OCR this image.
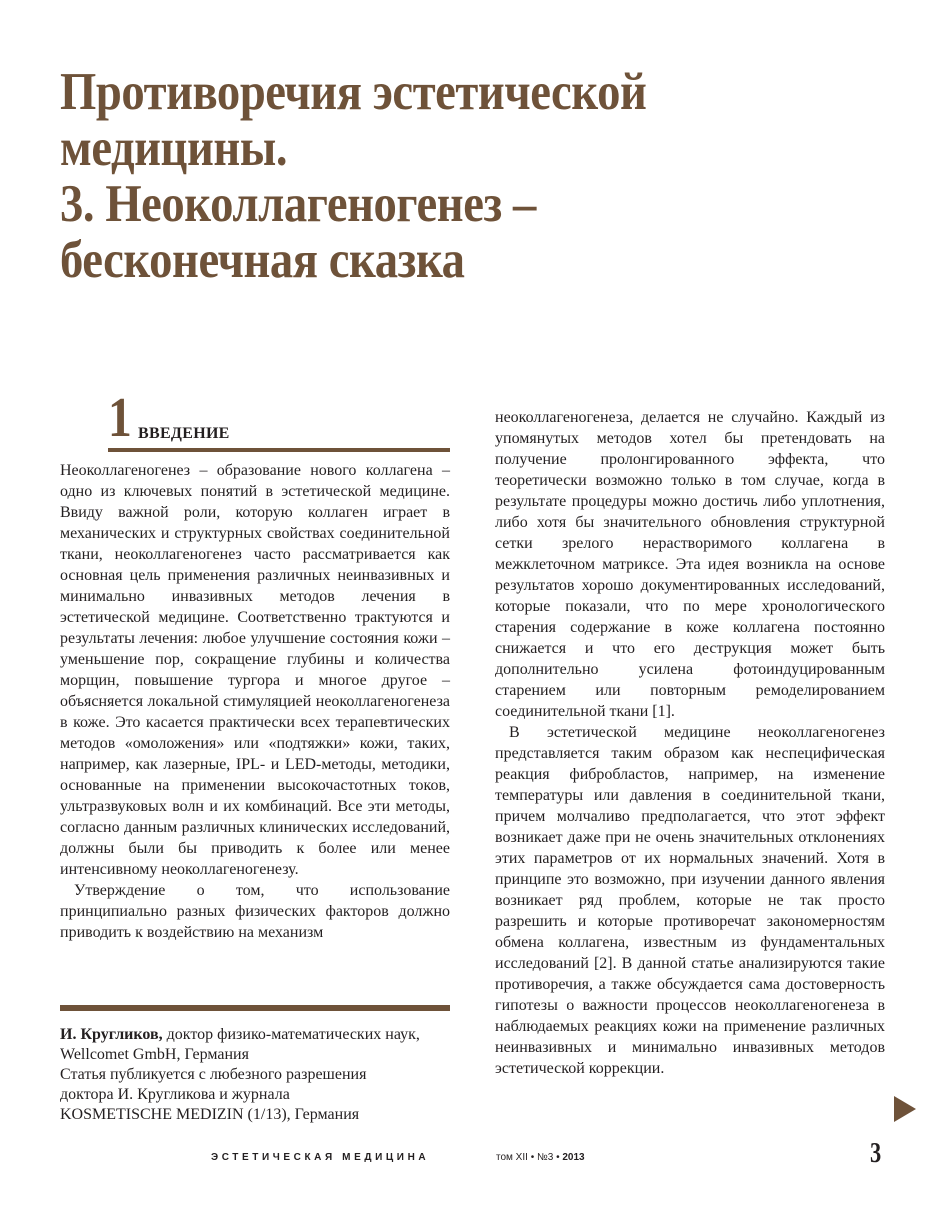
Противоречия эстетической
медицины.
3. Неоколлагеногенез –
бесконечная сказка
1 ВВЕДЕНИЕ

Неоколлагеногенез – образование нового коллагена – одно из ключевых понятий в эстетической медицине. Ввиду важной роли, которую коллаген играет в механических и структурных свойствах соединительной ткани, неоколлагеногенез часто рассматривается как основная цель применения различных неинвазивных и минимально инвазивных методов лечения в эстетической медицине. Соответственно трактуются и результаты лечения: любое улучшение состояния кожи – уменьшение пор, сокращение глубины и количества морщин, повышение тургора и многое другое – объясняется локальной стимуляцией неоколлагеногенеза в коже. Это касается практически всех терапевтических методов «омоложения» или «подтяжки» кожи, таких, например, как лазерные, IPL- и LED-методы, методики, основанные на применении высокочастотных токов, ультразвуковых волн и их комбинаций. Все эти методы, согласно данным различных клинических исследований, должны были бы приводить к более или менее интенсивному неоколлагеногенезу.

Утверждение о том, что использование принципиально разных физических факторов должно приводить к воздействию на механизм

И. Кругликов, доктор физико-математических наук, Wellcomet GmbH, Германия
Статья публикуется с любезного разрешения
доктора И. Кругликова и журнала
KOSMETISCHE MEDIZIN (1/13), Германия

неоколлагеногенеза, делается не случайно. Каждый из упомянутых методов хотел бы претендовать на получение пролонгированного эффекта, что теоретически возможно только в том случае, когда в результате процедуры можно достичь либо уплотнения, либо хотя бы значительного обновления структурной сетки зрелого нерастворимого коллагена в межклеточном матриксе. Эта идея возникла на основе результатов хорошо документированных исследований, которые показали, что по мере хронологического старения содержание в коже коллагена постоянно снижается и что его деструкция может быть дополнительно усилена фотоиндуцированным старением или повторным ремоделированием соединительной ткани [1].

В эстетической медицине неоколлагеногенез представляется таким образом как неспецифическая реакция фибробластов, например, на изменение температуры или давления в соединительной ткани, причем молчаливо предполагается, что этот эффект возникает даже при не очень значительных отклонениях этих параметров от их нормальных значений. Хотя в принципе это возможно, при изучении данного явления возникает ряд проблем, которые не так просто разрешить и которые противоречат закономерностям обмена коллагена, известным из фундаментальных исследований [2]. В данной статье анализируются такие противоречия, а также обсуждается сама достоверность гипотезы о важности процессов неоколлагеногенеза в наблюдаемых реакциях кожи на применение различных неинвазивных и минимально инвазивных методов эстетической коррекции.

ЭСТЕТИЧЕСКАЯ МЕДИЦИНА	том XII • №3 • 2013	3
